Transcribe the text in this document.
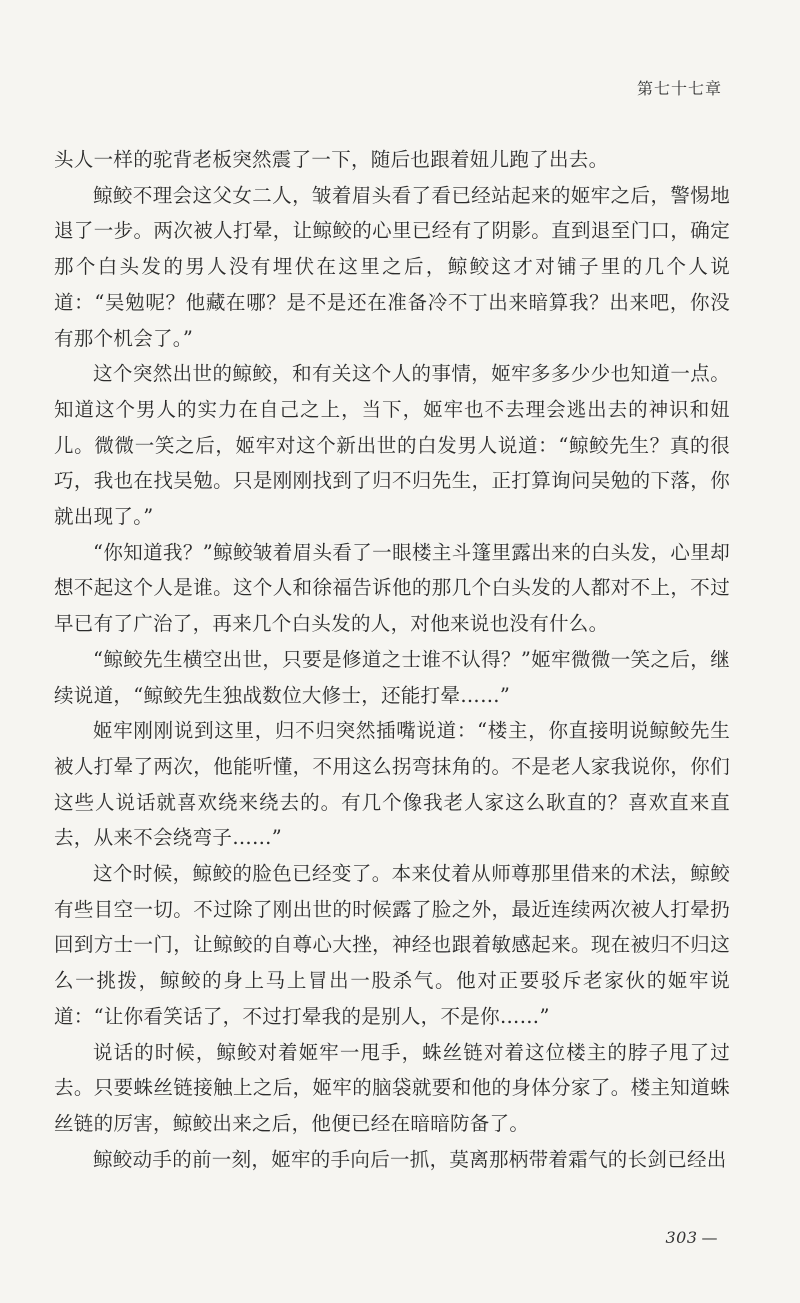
第七十七章

头人一样的驼背老板突然震了一下，随后也跟着妞儿跑了出去。

鲸鲛不理会这父女二人，皱着眉头看了看已经站起来的姬牢之后，警惕地退了一步。两次被人打晕，让鲸鲛的心里已经有了阴影。直到退至门口，确定那个白头发的男人没有埋伏在这里之后，鲸鲛这才对铺子里的几个人说道：“吴勉呢？他藏在哪？是不是还在准备冷不丁出来暗算我？出来吧，你没有那个机会了。”

这个突然出世的鲸鲛，和有关这个人的事情，姬牢多多少少也知道一点。知道这个男人的实力在自己之上，当下，姬牢也不去理会逃出去的神识和妞儿。微微一笑之后，姬牢对这个新出世的白发男人说道：“鲸鲛先生？真的很巧，我也在找吴勉。只是刚刚找到了归不归先生，正打算询问吴勉的下落，你就出现了。”

“你知道我？”鲸鲛皱着眉头看了一眼楼主斗篷里露出来的白头发，心里却想不起这个人是谁。这个人和徐福告诉他的那几个白头发的人都对不上，不过早已有了广治了，再来几个白头发的人，对他来说也没有什么。

“鲸鲛先生横空出世，只要是修道之士谁不认得？”姬牢微微一笑之后，继续说道，“鲸鲛先生独战数位大修士，还能打晕……”

姬牢刚刚说到这里，归不归突然插嘴说道：“楼主，你直接明说鲸鲛先生被人打晕了两次，他能听懂，不用这么拐弯抹角的。不是老人家我说你，你们这些人说话就喜欢绕来绕去的。有几个像我老人家这么耿直的？喜欢直来直去，从来不会绕弯子……”

这个时候，鲸鲛的脸色已经变了。本来仗着从师尊那里借来的术法，鲸鲛有些目空一切。不过除了刚出世的时候露了脸之外，最近连续两次被人打晕扔回到方士一门，让鲸鲛的自尊心大挫，神经也跟着敏感起来。现在被归不归这么一挑拨，鲸鲛的身上马上冒出一股杀气。他对正要驳斥老家伙的姬牢说道：“让你看笑话了，不过打晕我的是别人，不是你……”

说话的时候，鲸鲛对着姬牢一甩手，蛛丝链对着这位楼主的脖子甩了过去。只要蛛丝链接触上之后，姬牢的脑袋就要和他的身体分家了。楼主知道蛛丝链的厉害，鲸鲛出来之后，他便已经在暗暗防备了。

鲸鲛动手的前一刻，姬牢的手向后一抓，莫离那柄带着霜气的长剑已经出

303 —
